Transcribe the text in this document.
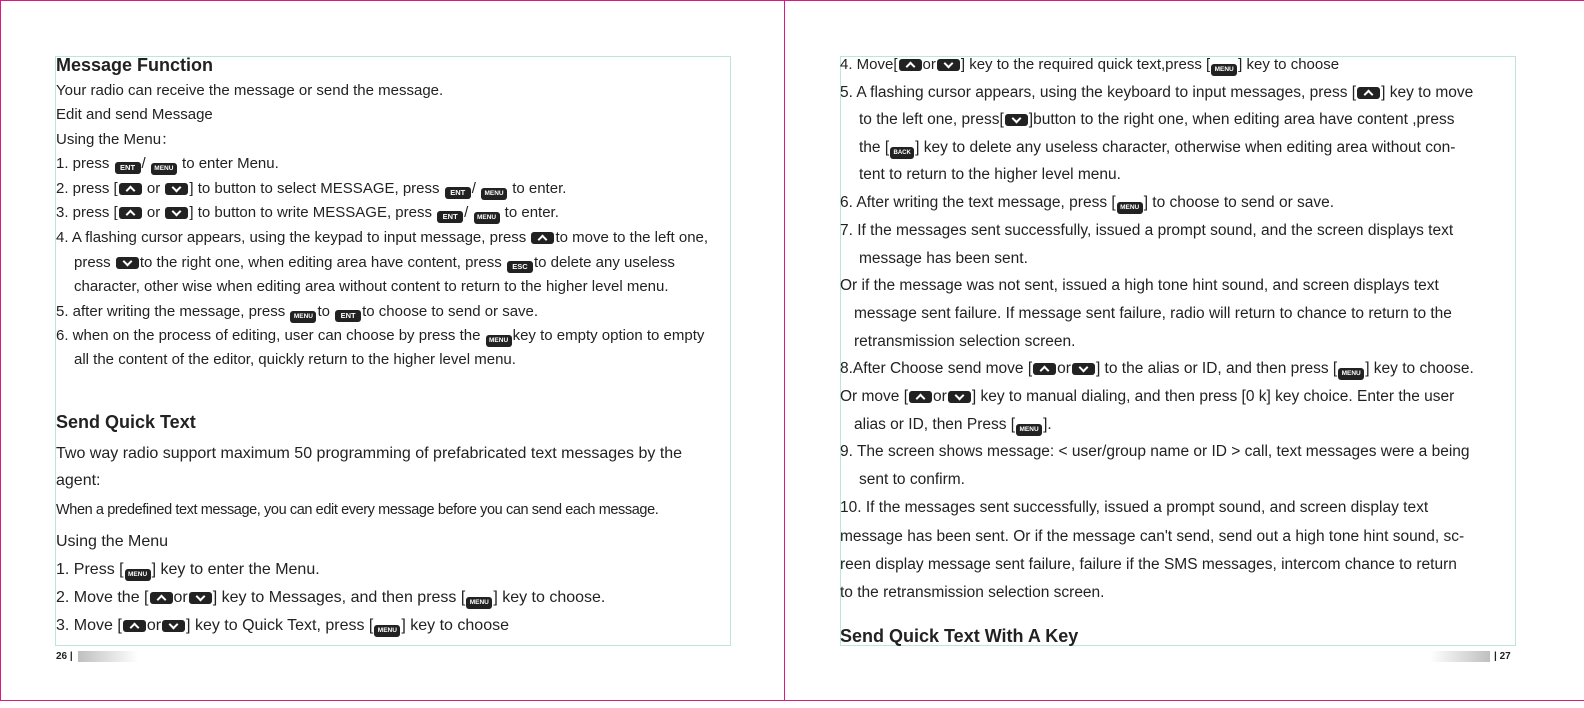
Message Function
Your radio can receive the message or send the message.
Edit and send Message
Using the Menu：
1. press ENT / MENU to enter Menu.
2. press [ or
] to button to select MESSAGE, press ENT / MENU to enter.
3. press [ or
] to button to write MESSAGE, press ENT / MENU to enter.
4. A flashing cursor appears, using the keypad to input message, press
to move to the left one,
press
to the right one, when editing area have content, press ESC to delete any useless
character, other wise when editing area without content to return to the higher level menu.
5. after writing the message, press MENU to ENT to choose to send or save.
6. when on the process of editing, user can choose by press the MENU key to empty option to empty
all the content of the editor, quickly return to the higher level menu.
Send Quick Text
Two way radio support maximum 50 programming of prefabricated text messages by the
agent:
When a predefined text message, you can edit every message before you can send each message.
Using the Menu
1. Press [ MENU ] key to enter the Menu.
2. Move the [ or ] key to Messages, and then press [ MENU ] key to choose.
3. Move [ or ] key to Quick Text, press [ MENU ] key to choose
26 |
4. Move[ or ] key to the required quick text,press [ MENU ] key to choose
5. A flashing cursor appears, using the keyboard to input messages, press [ ] key to move
to the left one, press[ ]button to the right one, when editing area have content ,press
the [ BACK ] key to delete any useless character, otherwise when editing area without con-
tent to return to the higher level menu.
6. After writing the text message, press [ MENU ] to choose to send or save.
7. If the messages sent successfully, issued a prompt sound, and the screen displays text
message has been sent.
Or if the message was not sent, issued a high tone hint sound, and screen displays text
message sent failure. If message sent failure, radio will return to chance to return to the
retransmission selection screen.
8.After Choose send move [ or ] to the alias or ID, and then press [ MENU ] key to choose.
Or move [ or ] key to manual dialing, and then press [0 k] key choice. Enter the user
alias or ID, then Press [ MENU ].
9. The screen shows message: < user/group name or ID > call, text messages were a being
sent to confirm.
10. If the messages sent successfully, issued a prompt sound, and screen display text
message has been sent. Or if the message can't send, send out a high tone hint sound, sc-
reen display message sent failure, failure if the SMS messages, intercom chance to return
to the retransmission selection screen.
Send Quick Text With A Key
| 27
